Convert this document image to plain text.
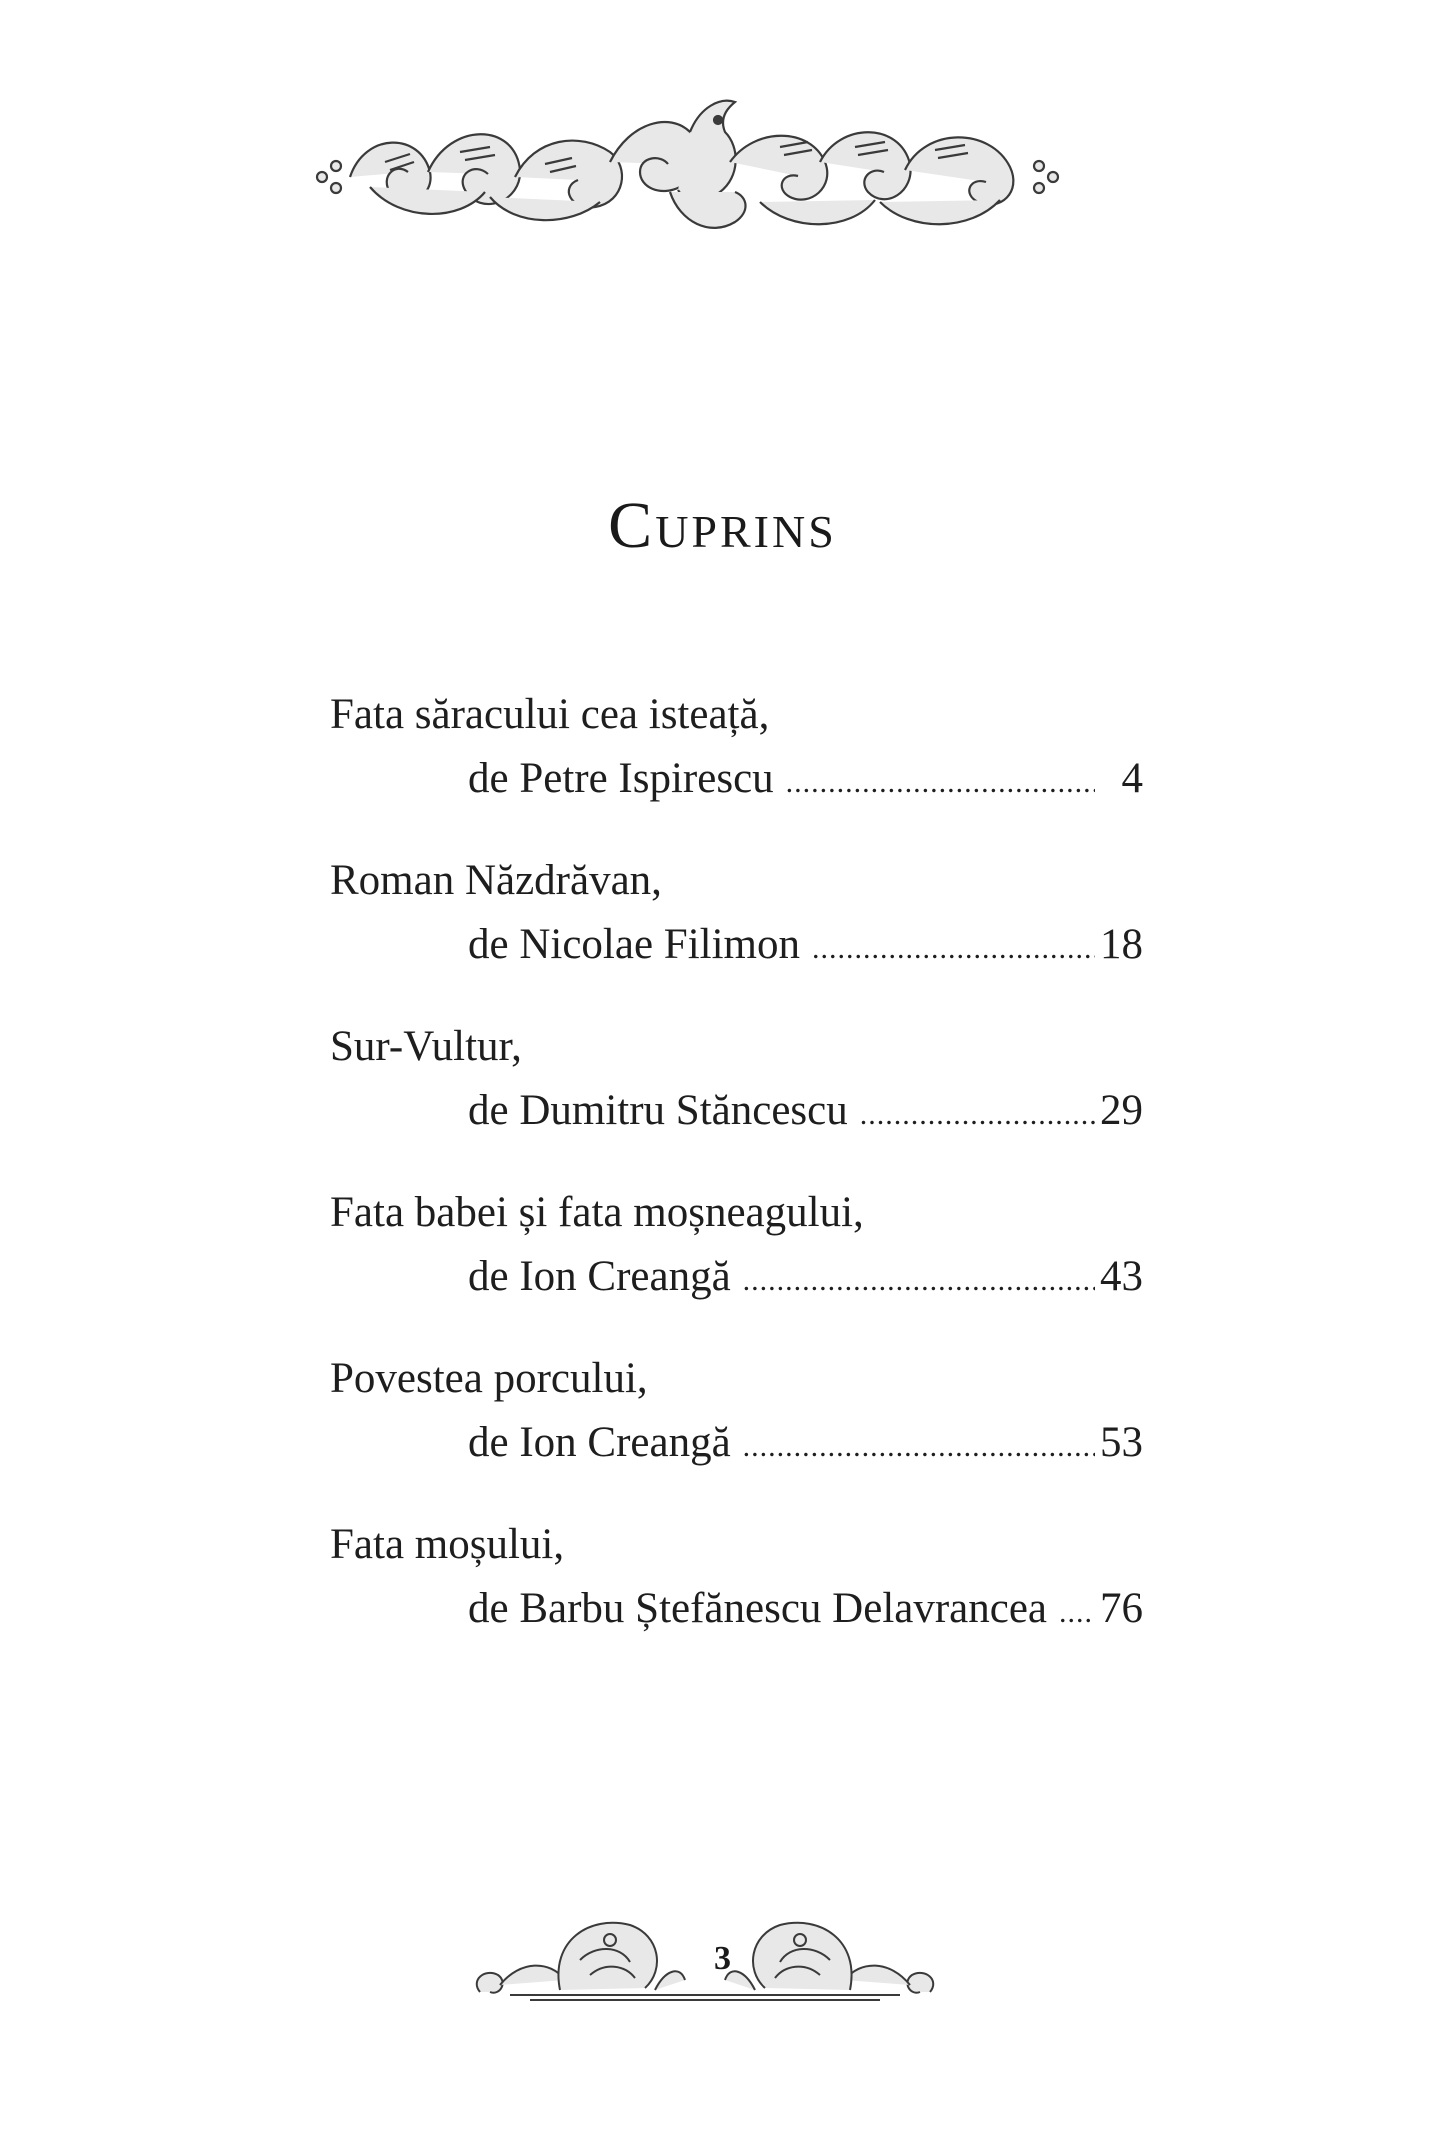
Cuprins
Fata săracului cea isteață,
de Petre Ispirescu .....	4
Roman Năzdrăvan,
de Nicolae Filimon .....	18
Sur-Vultur,
de Dumitru Stăncescu .....	29
Fata babei și fata moșneagului,
de Ion Creangă .....	43
Povestea porcului,
de Ion Creangă .....	53
Fata moșului,
de Barbu Ștefănescu Delavrancea ..... 76
3
